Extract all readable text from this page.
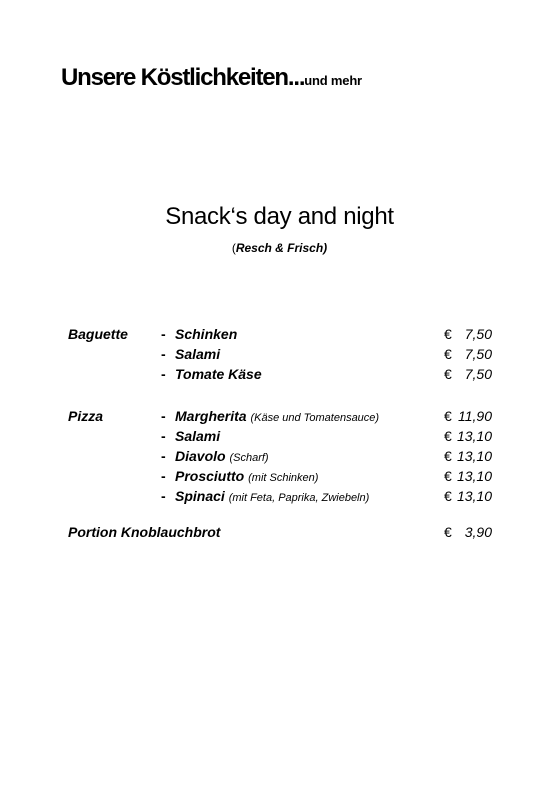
Unsere Köstlichkeiten...und mehr
Snack‘s day and night
(Resch & Frisch)
Baguette - Schinken	€ 7,50
- Salami	€ 7,50
- Tomate Käse	€ 7,50
Pizza	- Margherita (Käse und Tomatensauce)	€ 11,90
- Salami	€ 13,10
- Diavolo (Scharf)	€ 13,10
- Prosciutto (mit Schinken)	€ 13,10
- Spinaci (mit Feta, Paprika, Zwiebeln)	€ 13,10
Portion Knoblauchbrot	€ 3,90
